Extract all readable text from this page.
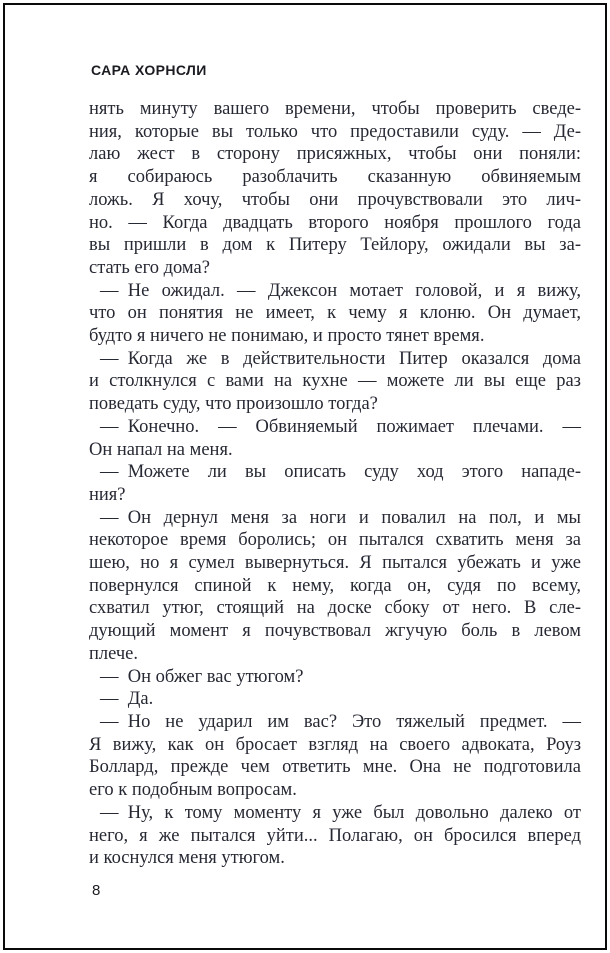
САРА ХОРНСЛИ
нять минуту вашего времени, чтобы проверить сведе-
ния, которые вы только что предоставили суду. — Де-
лаю жест в сторону присяжных, чтобы они поняли:
я собираюсь разоблачить сказанную обвиняемым
ложь. Я хочу, чтобы они прочувствовали это лич-
но. — Когда двадцать второго ноября прошлого года
вы пришли в дом к Питеру Тейлору, ожидали вы за-
стать его дома?
— Не ожидал. — Джексон мотает головой, и я вижу,
что он понятия не имеет, к чему я клоню. Он думает,
будто я ничего не понимаю, и просто тянет время.
— Когда же в действительности Питер оказался дома
и столкнулся с вами на кухне — можете ли вы еще раз
поведать суду, что произошло тогда?
— Конечно. — Обвиняемый пожимает плечами. —
Он напал на меня.
— Можете ли вы описать суду ход этого нападе-
ния?
— Он дернул меня за ноги и повалил на пол, и мы
некоторое время боролись; он пытался схватить меня за
шею, но я сумел вывернуться. Я пытался убежать и уже
повернулся спиной к нему, когда он, судя по всему,
схватил утюг, стоящий на доске сбоку от него. В сле-
дующий момент я почувствовал жгучую боль в левом
плече.
— Он обжег вас утюгом?
— Да.
— Но не ударил им вас? Это тяжелый предмет. —
Я вижу, как он бросает взгляд на своего адвоката, Роуз
Боллард, прежде чем ответить мне. Она не подготовила
его к подобным вопросам.
— Ну, к тому моменту я уже был довольно далеко от
него, я же пытался уйти... Полагаю, он бросился вперед
и коснулся меня утюгом.
8
